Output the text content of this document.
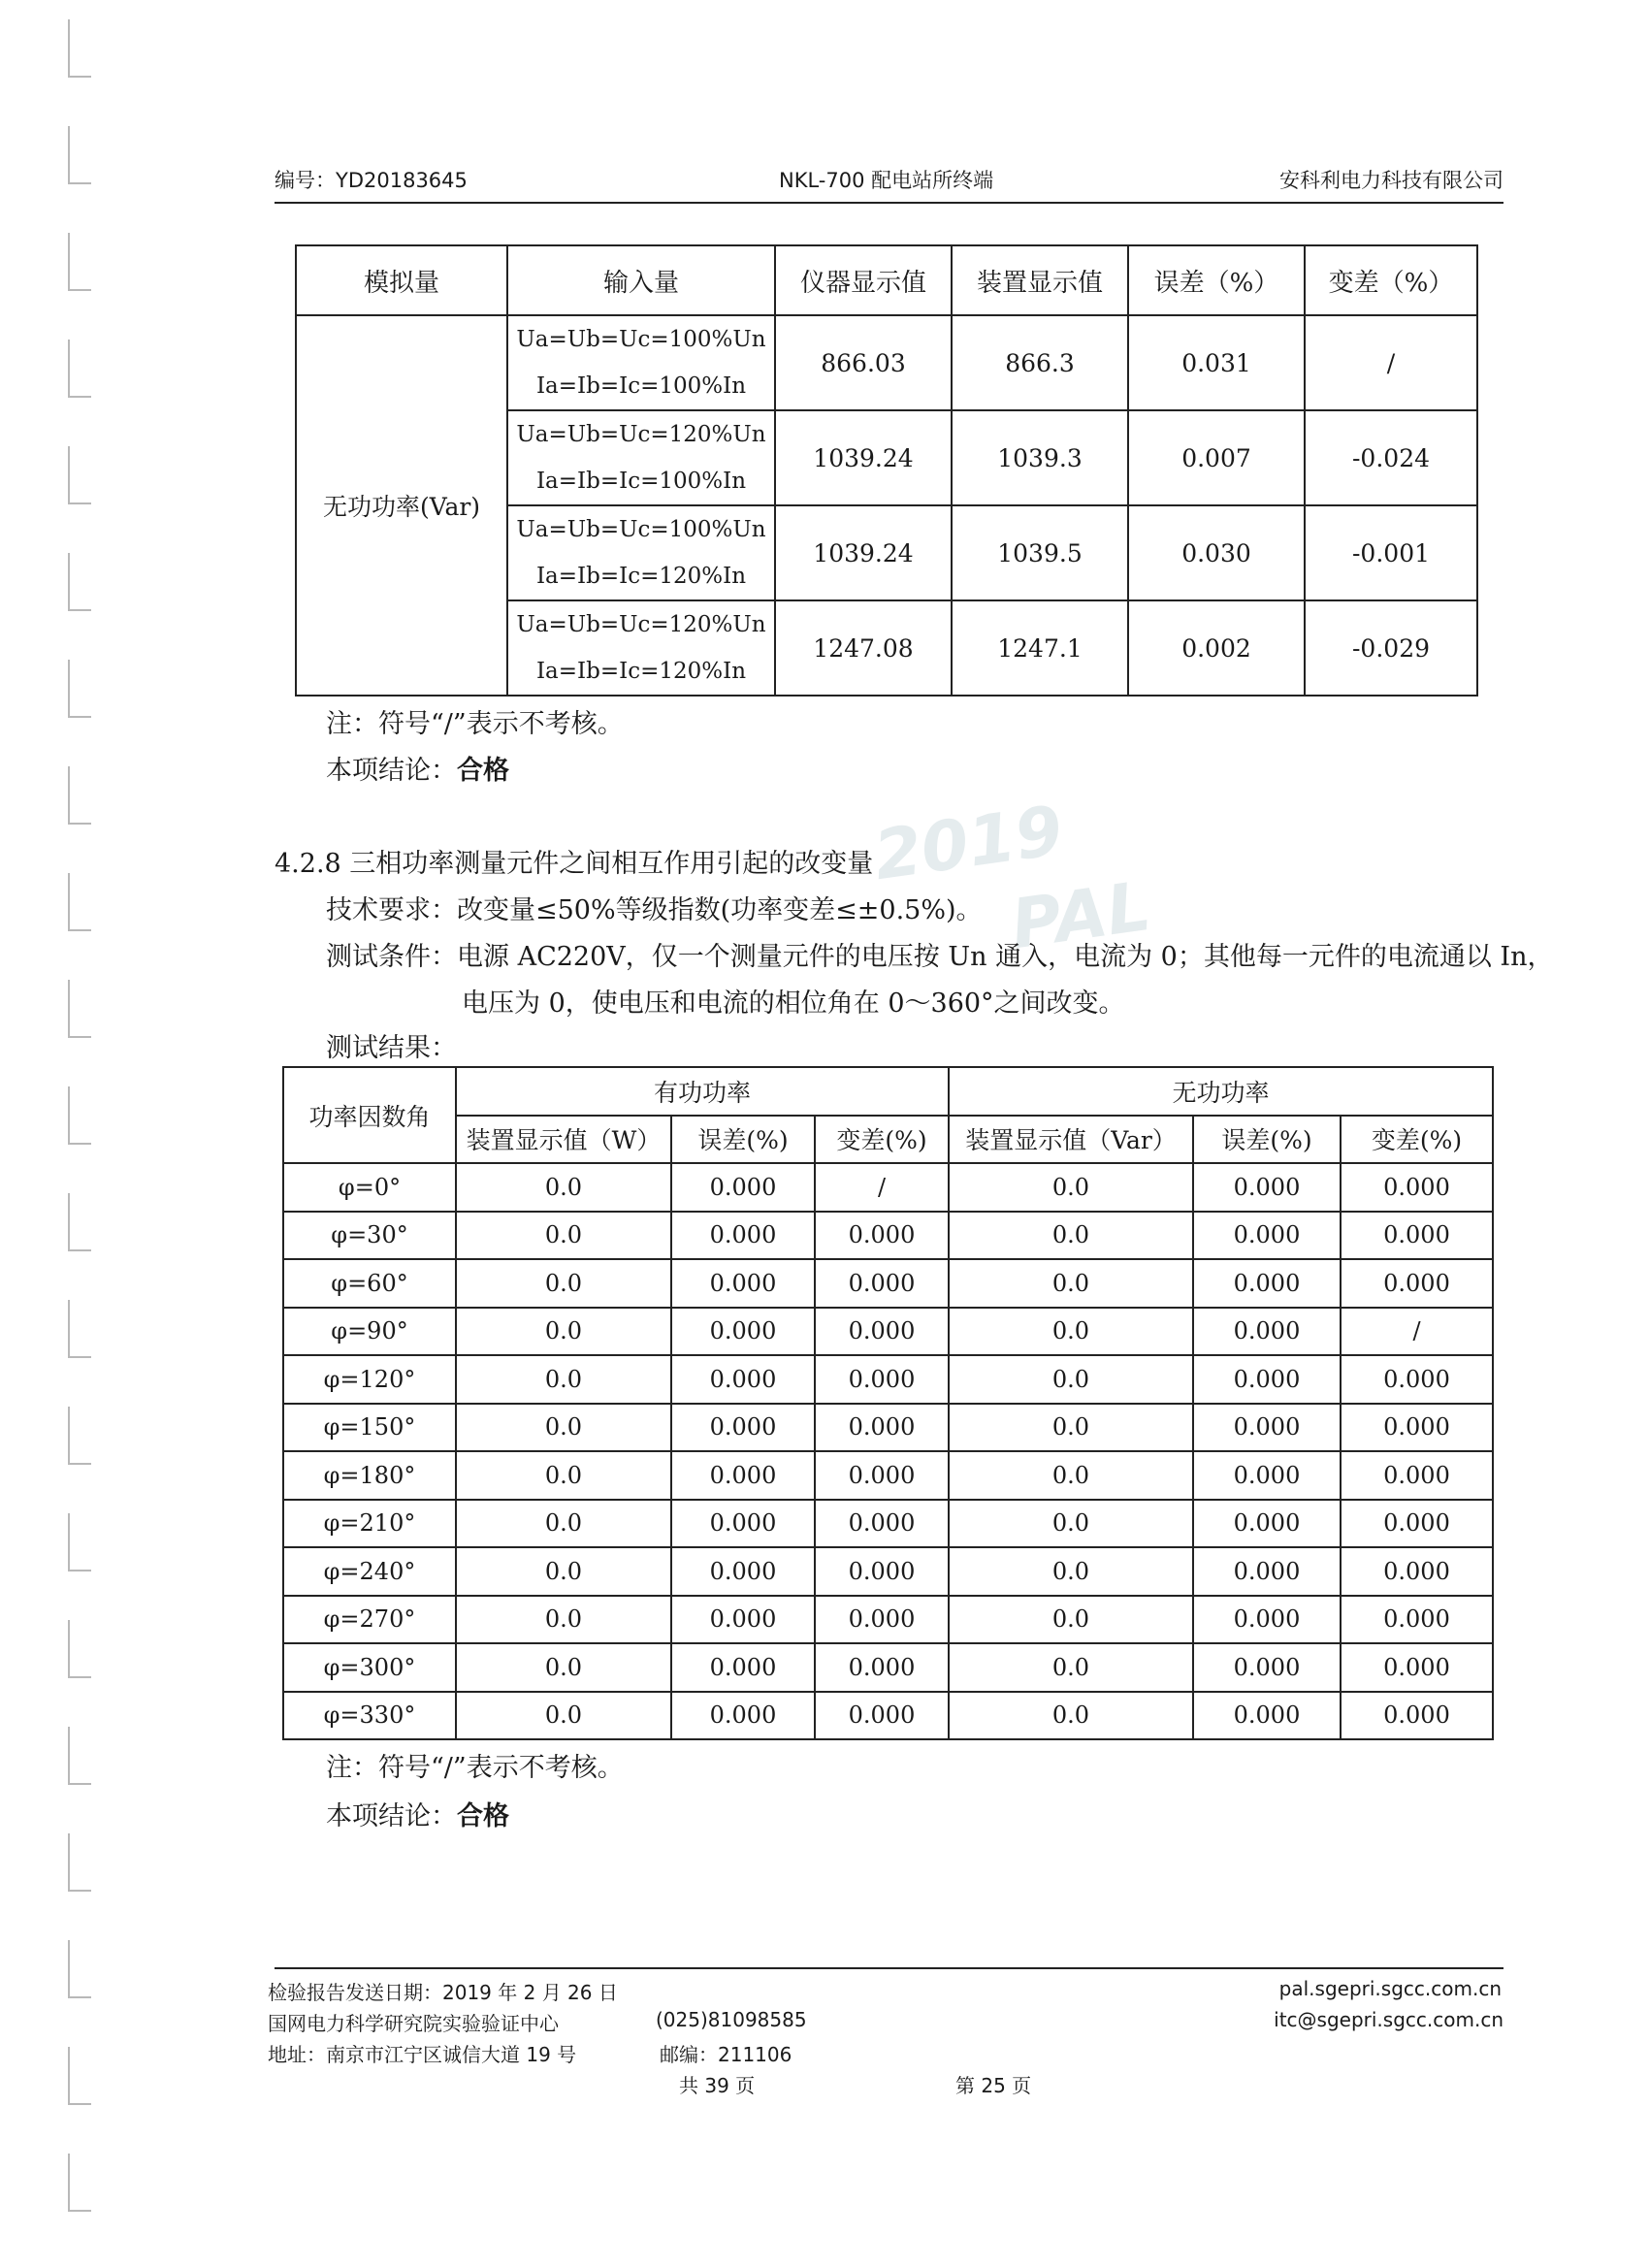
2019
PAL
编号：YD20183645	NKL-700 配电站所终端	安科利电力科技有限公司
模拟量	输入量	仪器显示值	装置显示值	误差（%）	变差（%）
无功功率(Var)	Ua=Ub=Uc=100%Un
Ia=Ib=Ic=100%In	866.03	866.3	0.031	/

	Ua=Ub=Uc=120%Un
Ia=Ib=Ic=100%In	1039.24	1039.3	0.007	-0.024

	Ua=Ub=Uc=100%Un
Ia=Ib=Ic=120%In	1039.24	1039.5	0.030	-0.001

	Ua=Ub=Uc=120%Un
Ia=Ib=Ic=120%In	1247.08	1247.1	0.002	-0.029
注：符号“/”表示不考核。
本项结论：合格
4.2.8 三相功率测量元件之间相互作用引起的改变量
技术要求：改变量≤50%等级指数(功率变差≤±0.5%)。
测试条件：电源 AC220V，仅一个测量元件的电压按 Un 通入，电流为 0；其他每一元件的电流通以 In，
电压为 0，使电压和电流的相位角在 0～360°之间改变。
测试结果：
功率因数角	有功功率			无功功率		
	装置显示值（W）	误差(%)	变差(%)	装置显示值（Var）	误差(%)	变差(%)
φ=0°	0.0	0.000	/	0.0	0.000	0.000
φ=30°	0.0	0.000	0.000	0.0	0.000	0.000
φ=60°	0.0	0.000	0.000	0.0	0.000	0.000
φ=90°	0.0	0.000	0.000	0.0	0.000	/
φ=120°	0.0	0.000	0.000	0.0	0.000	0.000
φ=150°	0.0	0.000	0.000	0.0	0.000	0.000
φ=180°	0.0	0.000	0.000	0.0	0.000	0.000
φ=210°	0.0	0.000	0.000	0.0	0.000	0.000
φ=240°	0.0	0.000	0.000	0.0	0.000	0.000
φ=270°	0.0	0.000	0.000	0.0	0.000	0.000
φ=300°	0.0	0.000	0.000	0.0	0.000	0.000
φ=330°	0.0	0.000	0.000	0.0	0.000	0.000
注：符号“/”表示不考核。
本项结论：合格
检验报告发送日期：2019 年 2 月 26 日
国网电力科学研究院实验验证中心	(025)81098585
地址：南京市江宁区诚信大道 19 号	邮编：211106
pal.sgepri.sgcc.com.cn
itc@sgepri.sgcc.com.cn
共 39 页	第 25 页
